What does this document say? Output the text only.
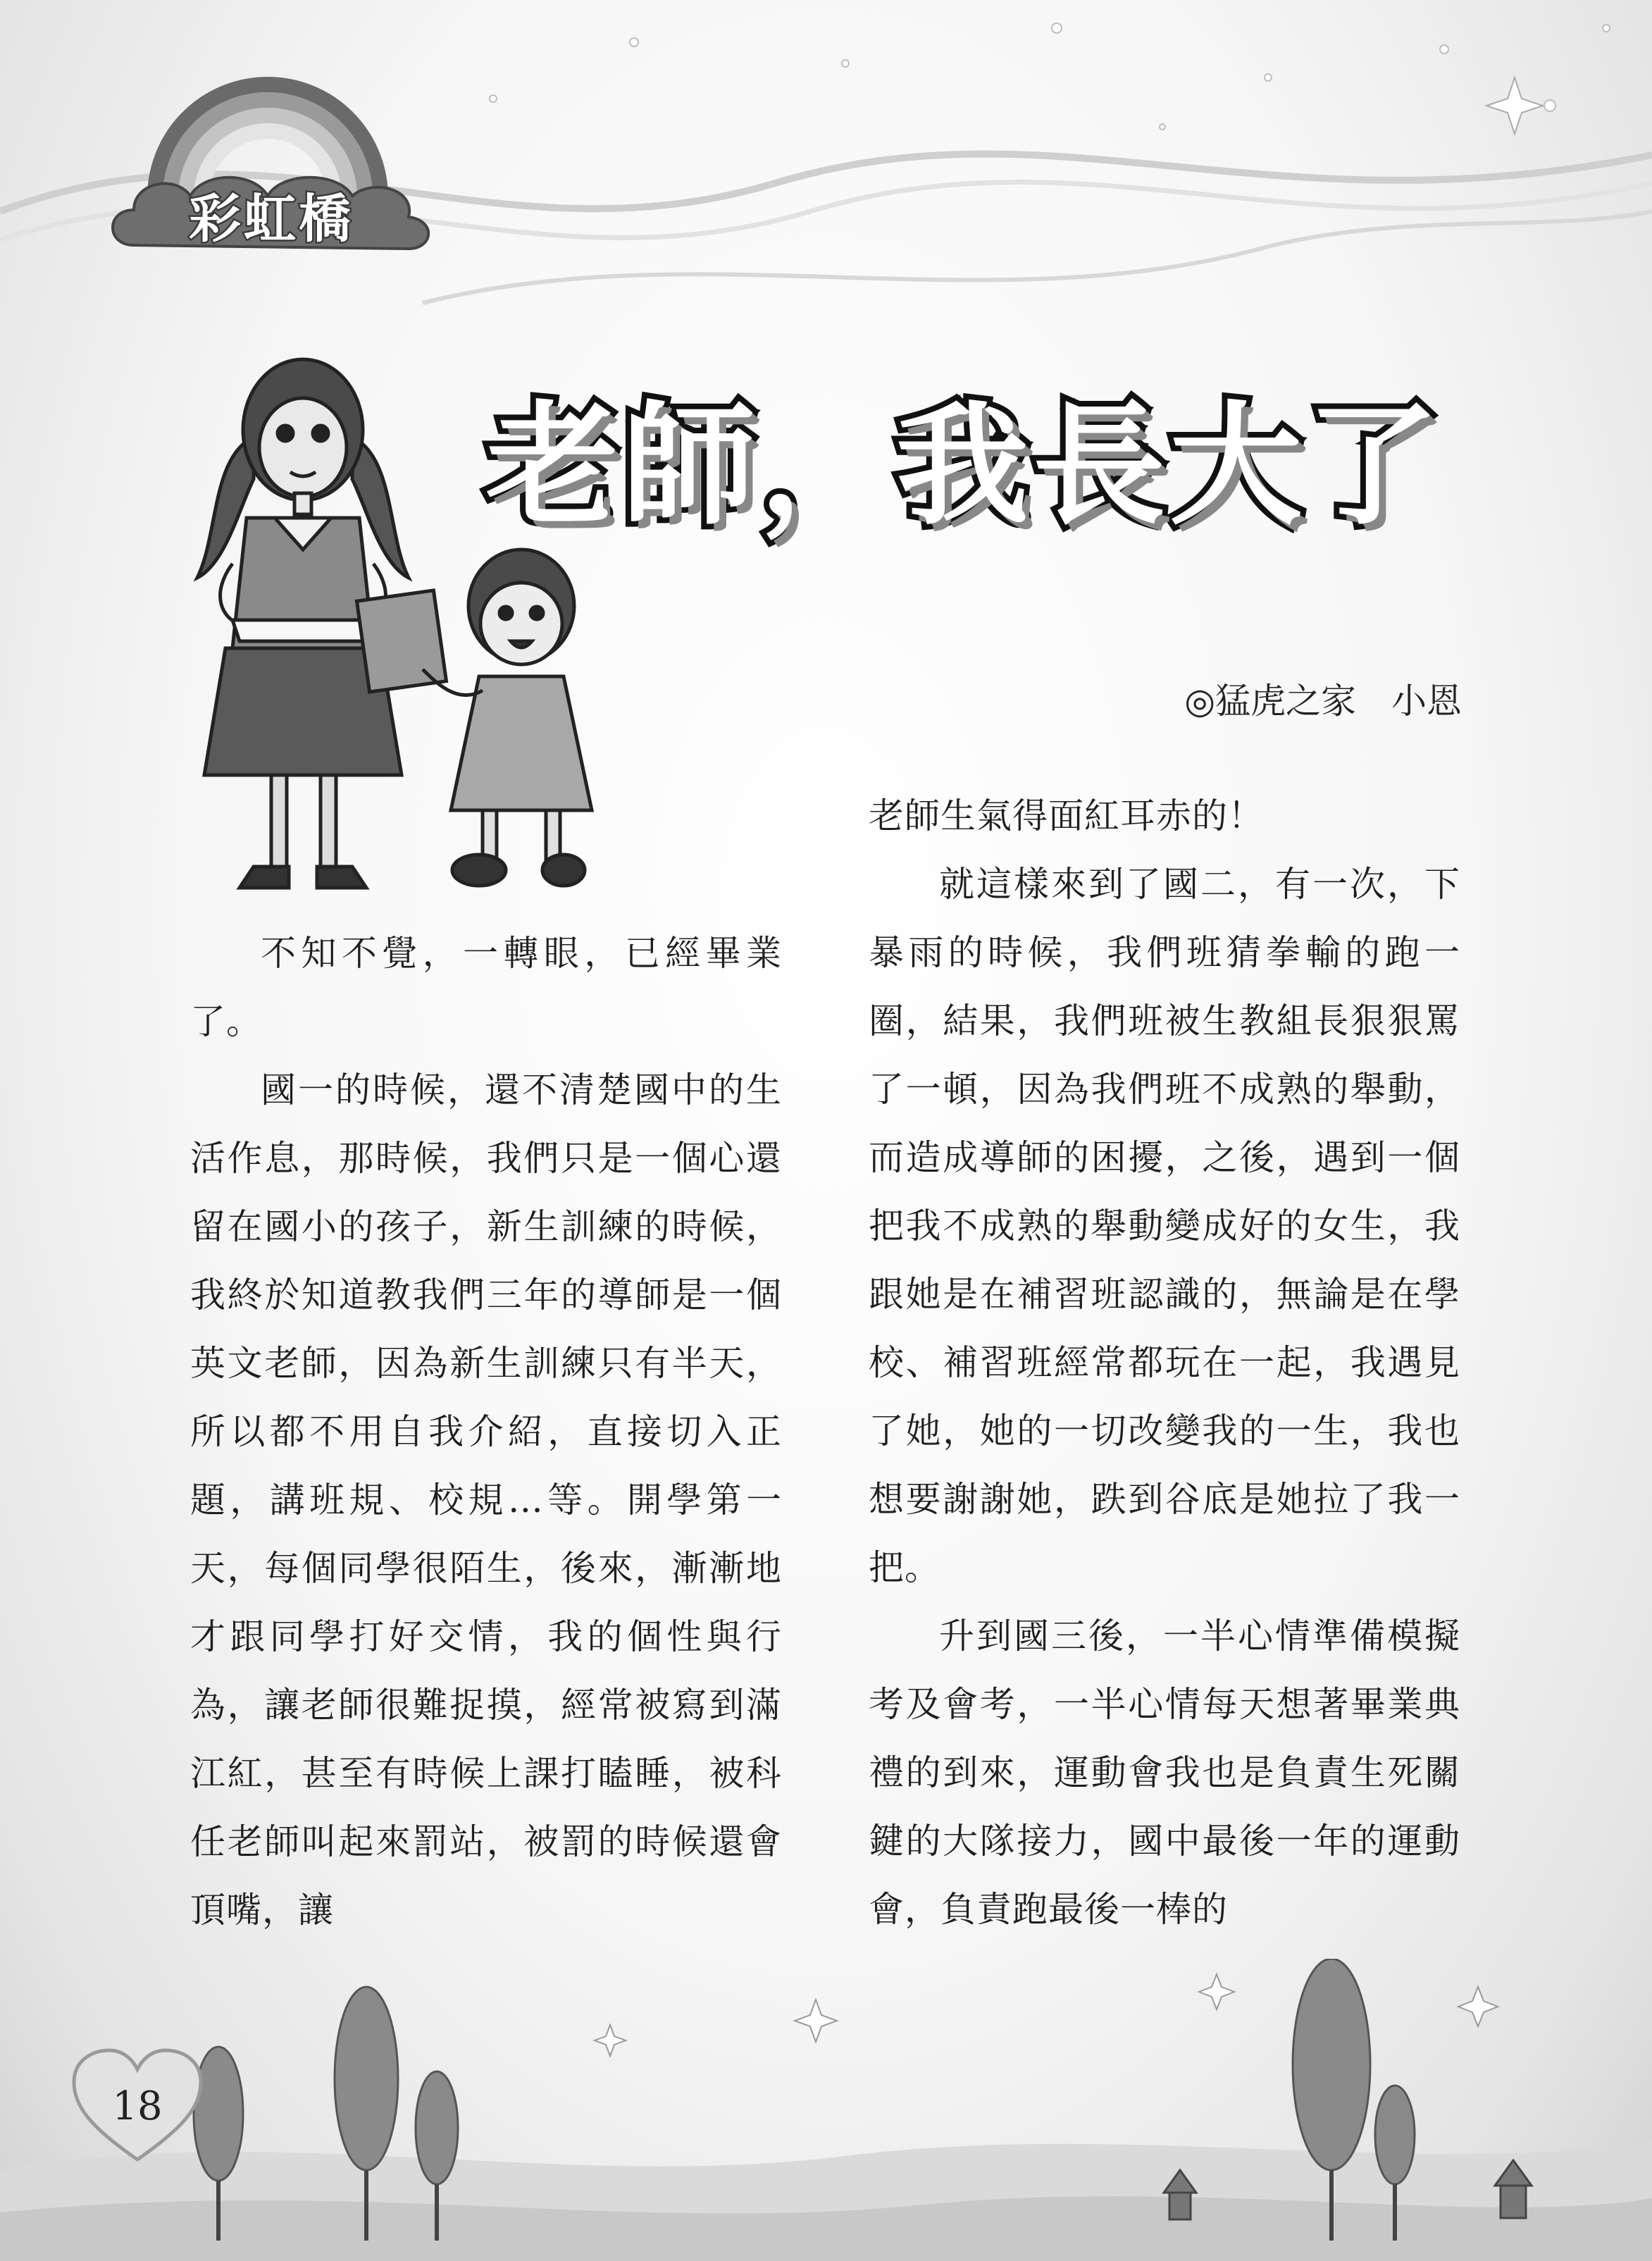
彩虹橋
老師，我長大了
◎猛虎之家　小恩

不知不覺，一轉眼，已經畢業了。

國一的時候，還不清楚國中的生活作息，那時候，我們只是一個心還留在國小的孩子，新生訓練的時候，我終於知道教我們三年的導師是一個英文老師，因為新生訓練只有半天，所以都不用自我介紹，直接切入正題，講班規、校規…等。開學第一天，每個同學很陌生，後來，漸漸地才跟同學打好交情，我的個性與行為，讓老師很難捉摸，經常被寫到滿江紅，甚至有時候上課打瞌睡，被科任老師叫起來罰站，被罰的時候還會頂嘴，讓

老師生氣得面紅耳赤的！

就這樣來到了國二，有一次，下暴雨的時候，我們班猜拳輸的跑一圈，結果，我們班被生教組長狠狠罵了一頓，因為我們班不成熟的舉動，而造成導師的困擾，之後，遇到一個把我不成熟的舉動變成好的女生，我跟她是在補習班認識的，無論是在學校、補習班經常都玩在一起，我遇見了她，她的一切改變我的一生，我也想要謝謝她，跌到谷底是她拉了我一把。

升到國三後，一半心情準備模擬考及會考，一半心情每天想著畢業典禮的到來，運動會我也是負責生死關鍵的大隊接力，國中最後一年的運動會，負責跑最後一棒的

18
